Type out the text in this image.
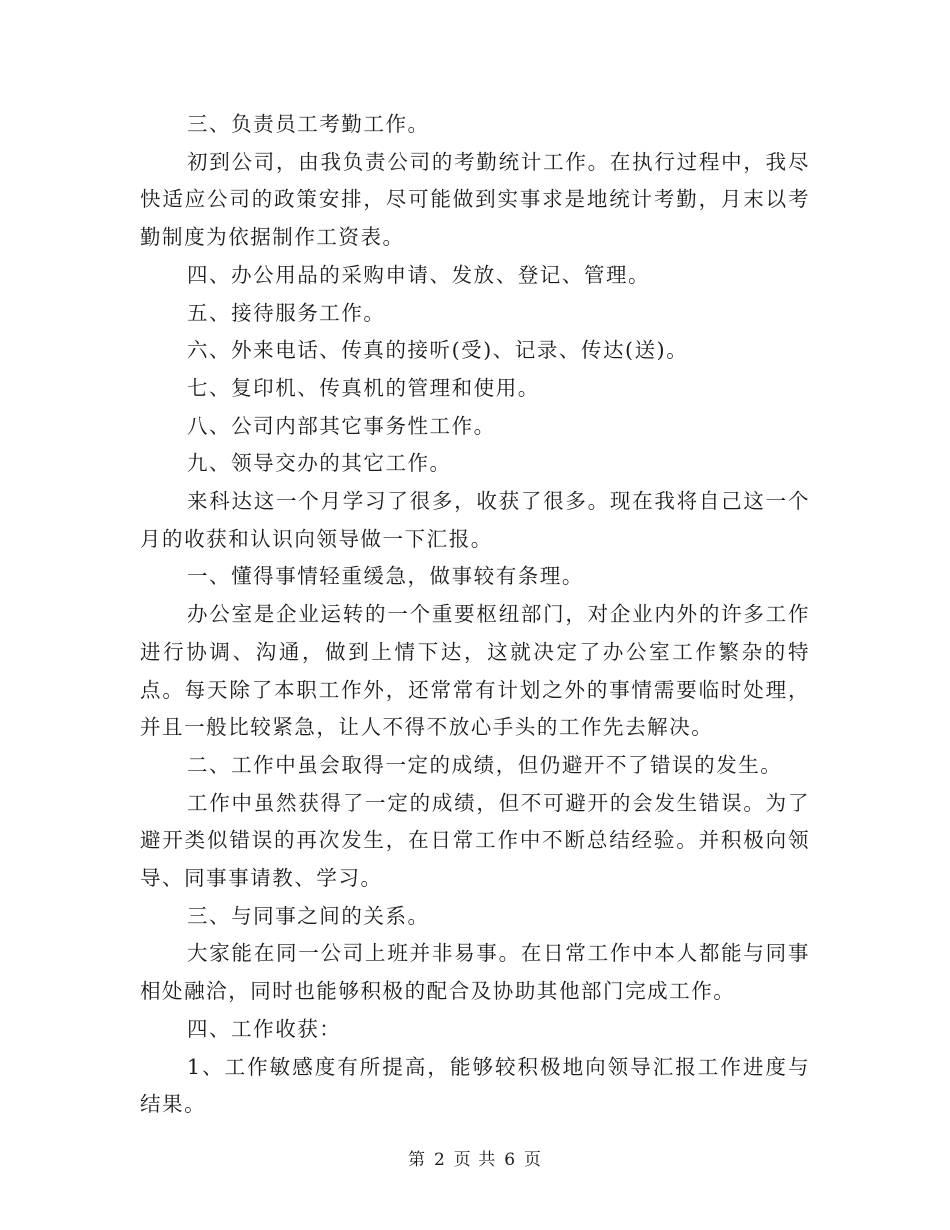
三、负责员工考勤工作。

初到公司，由我负责公司的考勤统计工作。在执行过程中，我尽快适应公司的政策安排，尽可能做到实事求是地统计考勤，月末以考勤制度为依据制作工资表。

四、办公用品的采购申请、发放、登记、管理。

五、接待服务工作。

六、外来电话、传真的接听(受)、记录、传达(送)。

七、复印机、传真机的管理和使用。

八、公司内部其它事务性工作。

九、领导交办的其它工作。

来科达这一个月学习了很多，收获了很多。现在我将自己这一个月的收获和认识向领导做一下汇报。

一、懂得事情轻重缓急，做事较有条理。

办公室是企业运转的一个重要枢纽部门，对企业内外的许多工作进行协调、沟通，做到上情下达，这就决定了办公室工作繁杂的特点。每天除了本职工作外，还常常有计划之外的事情需要临时处理，并且一般比较紧急，让人不得不放心手头的工作先去解决。

二、工作中虽会取得一定的成绩，但仍避开不了错误的发生。

工作中虽然获得了一定的成绩，但不可避开的会发生错误。为了避开类似错误的再次发生，在日常工作中不断总结经验。并积极向领导、同事事请教、学习。

三、与同事之间的关系。

大家能在同一公司上班并非易事。在日常工作中本人都能与同事相处融洽，同时也能够积极的配合及协助其他部门完成工作。

四、工作收获：

1、工作敏感度有所提高，能够较积极地向领导汇报工作进度与结果。

第 2 页 共 6 页
